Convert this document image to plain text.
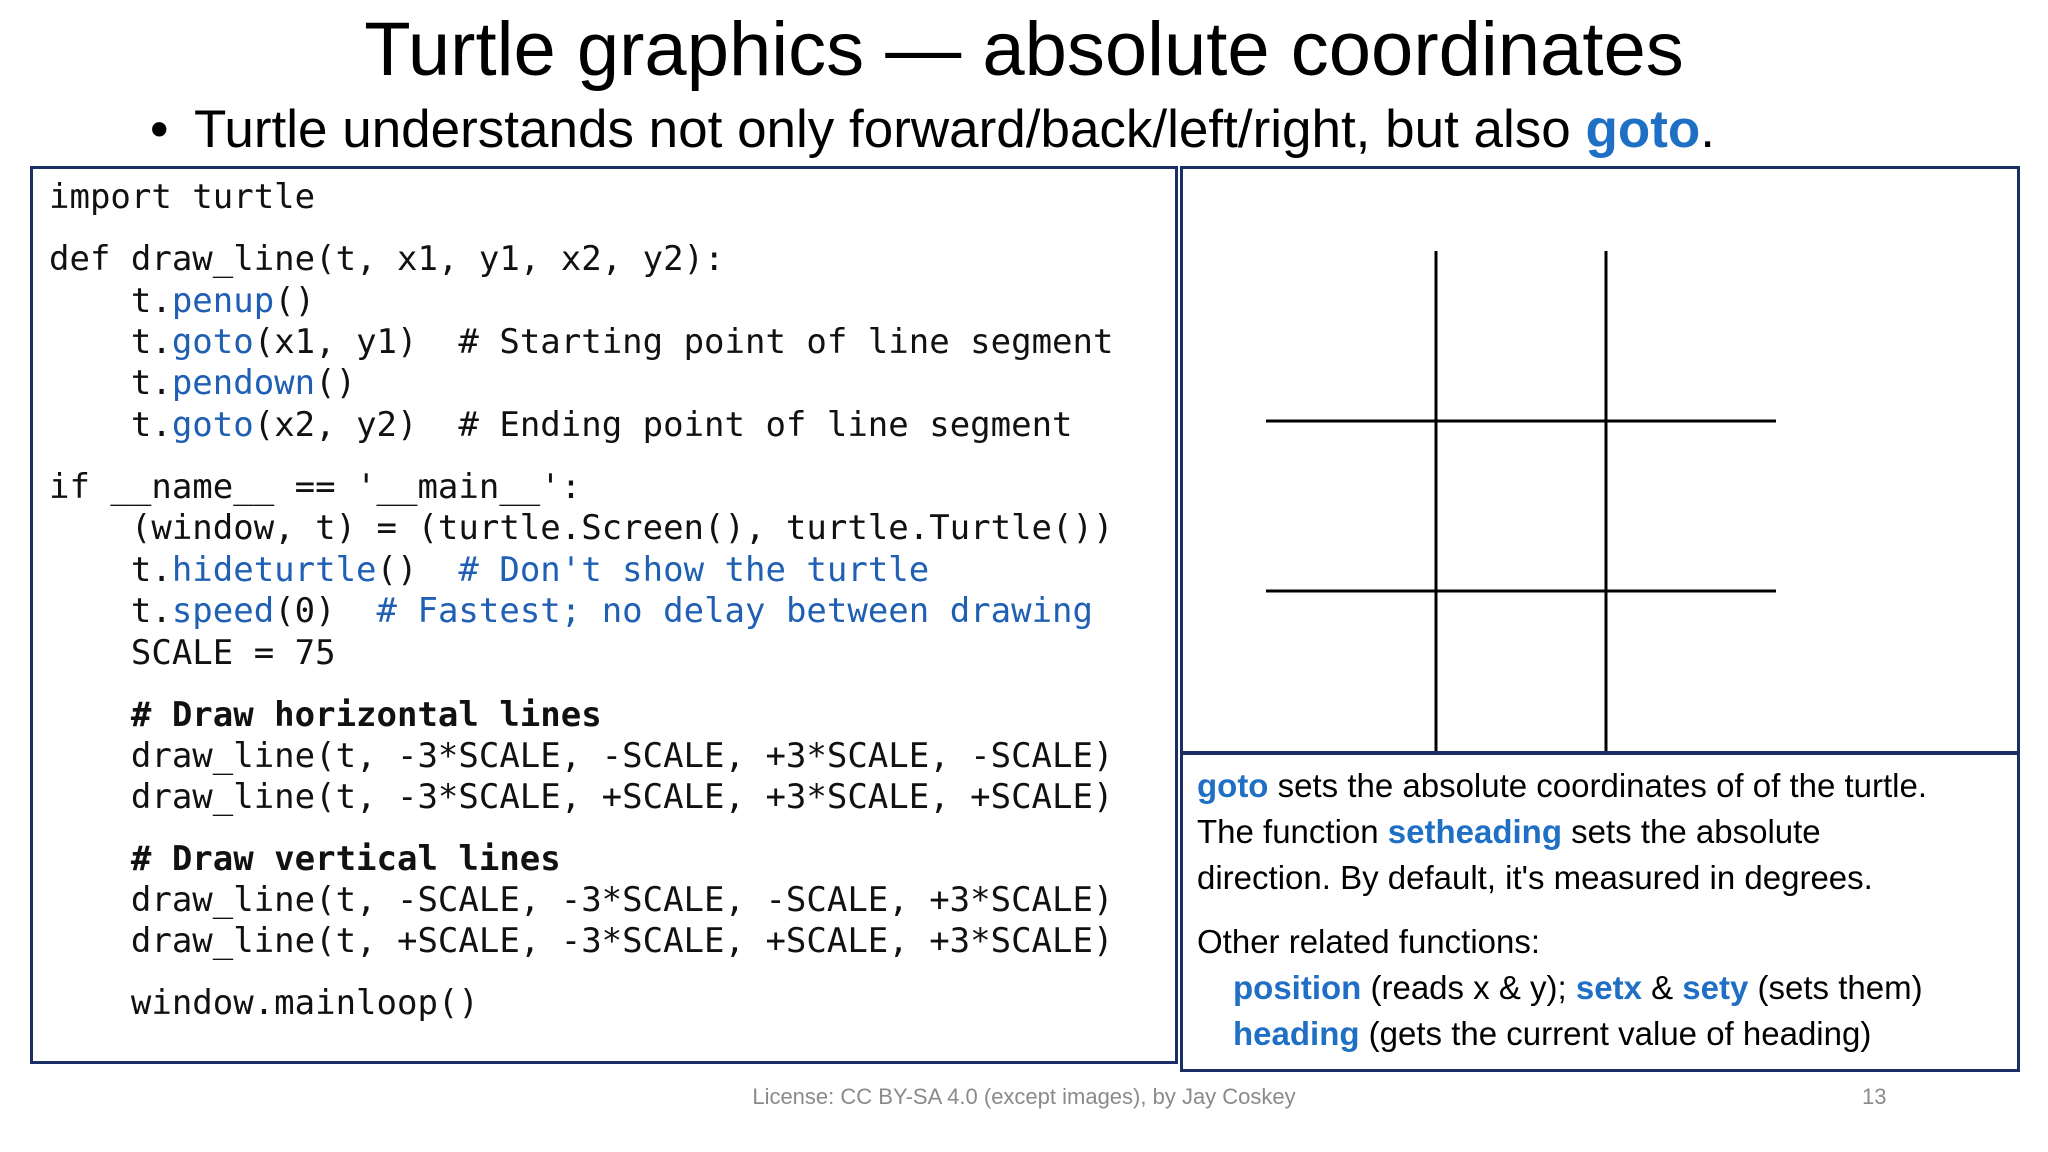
Turtle graphics — absolute coordinates
• Turtle understands not only forward/back/left/right, but also goto.
import turtle
def draw_line(t, x1, y1, x2, y2):
t.penup()
t.goto(x1, y1)  # Starting point of line segment
t.pendown()
t.goto(x2, y2)  # Ending point of line segment
if __name__ == '__main__':
(window, t) = (turtle.Screen(), turtle.Turtle())
t.hideturtle()  # Don't show the turtle
t.speed(0)  # Fastest; no delay between drawing
SCALE = 75
# Draw horizontal lines
draw_line(t, -3*SCALE, -SCALE, +3*SCALE, -SCALE)
draw_line(t, -3*SCALE, +SCALE, +3*SCALE, +SCALE)
# Draw vertical lines
draw_line(t, -SCALE, -3*SCALE, -SCALE, +3*SCALE)
draw_line(t, +SCALE, -3*SCALE, +SCALE, +3*SCALE)
window.mainloop()
goto sets the absolute coordinates of of the turtle.
The function setheading sets the absolute
direction. By default, it's measured in degrees.
Other related functions:
position (reads x & y); setx & sety (sets them)
heading (gets the current value of heading)
License: CC BY-SA 4.0 (except images), by Jay Coskey	13
